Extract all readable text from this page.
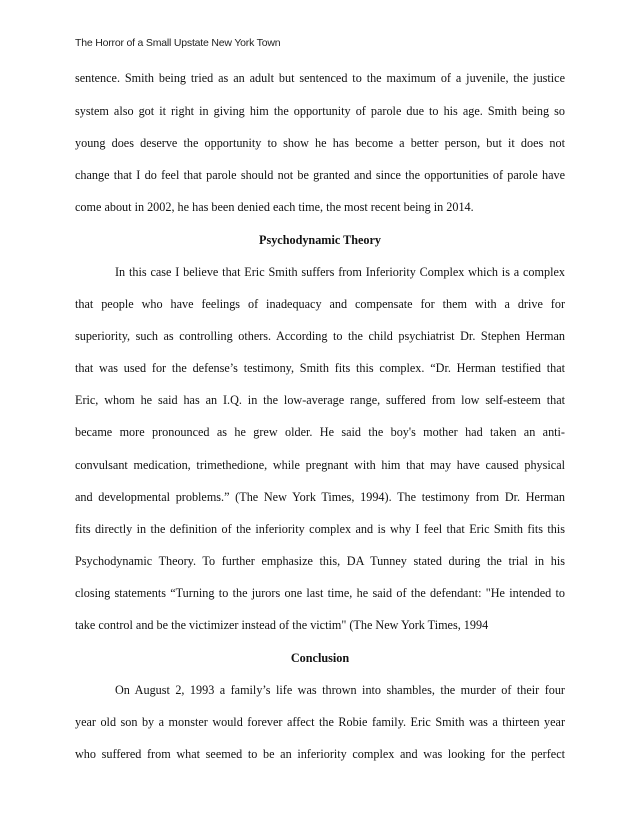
The Horror of a Small Upstate New York Town
sentence. Smith being tried as an adult but sentenced to the maximum of a juvenile, the justice
system also got it right in giving him the opportunity of parole due to his age. Smith being so
young does deserve the opportunity to show he has become a better person, but it does not
change that I do feel that parole should not be granted and since the opportunities of parole have
come about in 2002, he has been denied each time, the most recent being in 2014.
Psychodynamic Theory
In this case I believe that Eric Smith suffers from Inferiority Complex which is a complex
that people who have feelings of inadequacy and compensate for them with a drive for
superiority, such as controlling others. According to the child psychiatrist Dr. Stephen Herman
that was used for the defense’s testimony, Smith fits this complex. “Dr. Herman testified that
Eric, whom he said has an I.Q. in the low-average range, suffered from low self-esteem that
became more pronounced as he grew older. He said the boy's mother had taken an anti-
convulsant medication, trimethedione, while pregnant with him that may have caused physical
and developmental problems.” (The New York Times, 1994). The testimony from Dr. Herman
fits directly in the definition of the inferiority complex and is why I feel that Eric Smith fits this
Psychodynamic Theory. To further emphasize this, DA Tunney stated during the trial in his
closing statements “Turning to the jurors one last time, he said of the defendant: "He intended to
take control and be the victimizer instead of the victim" (The New York Times, 1994
Conclusion
On August 2, 1993 a family’s life was thrown into shambles, the murder of their four
year old son by a monster would forever affect the Robie family. Eric Smith was a thirteen year
who suffered from what seemed to be an inferiority complex and was looking for the perfect
